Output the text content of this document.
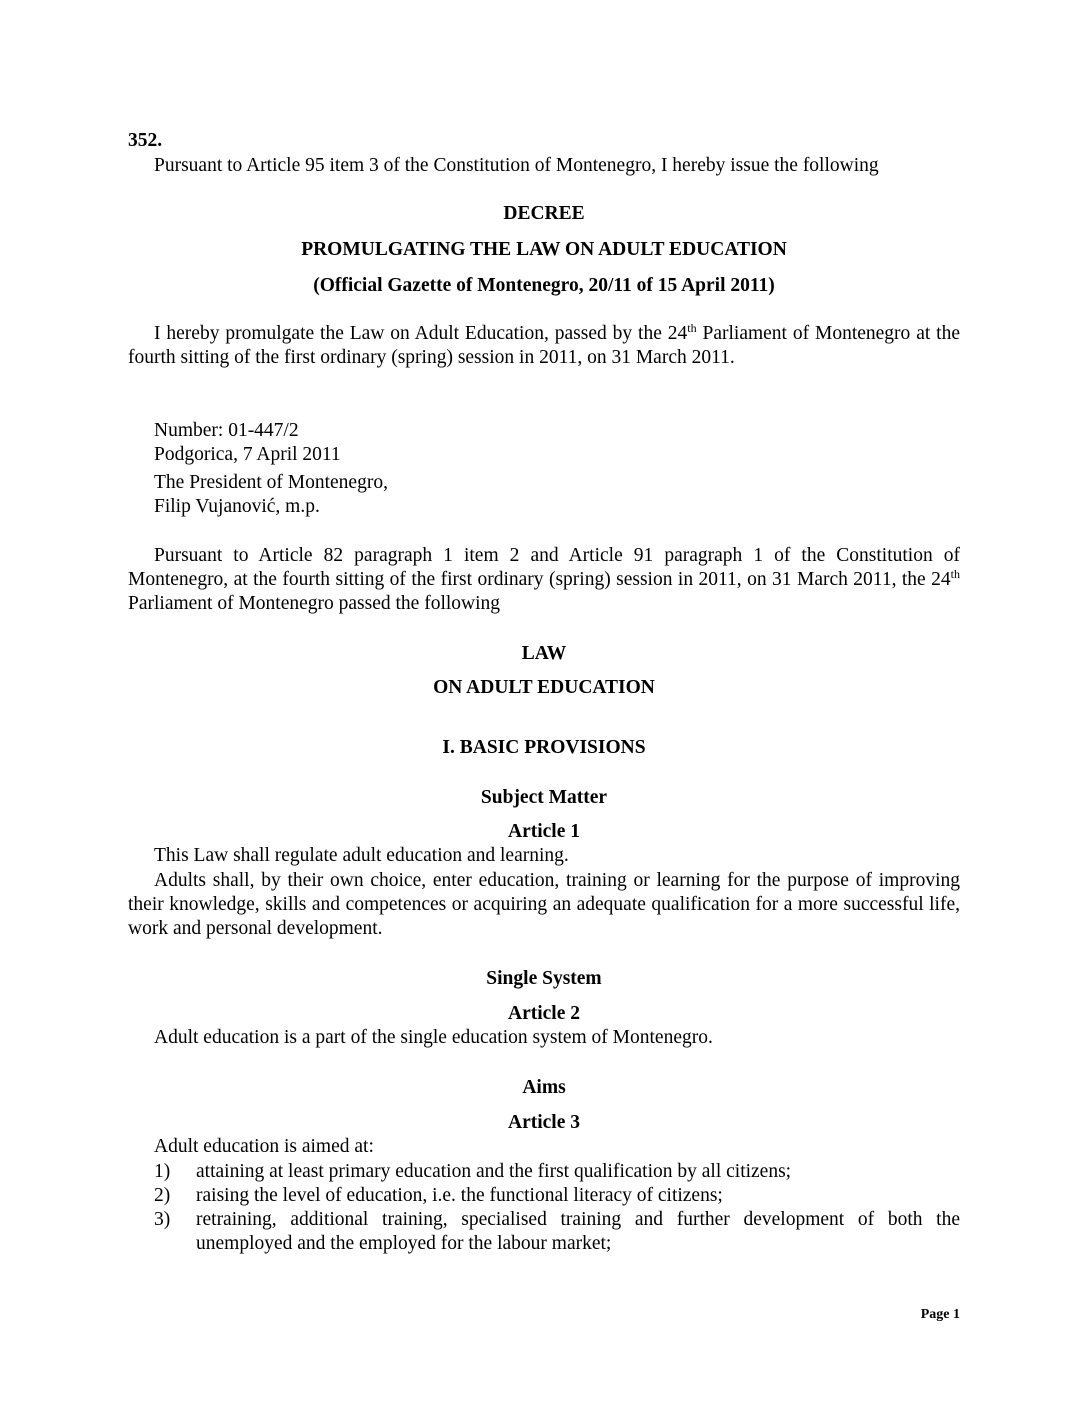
352.
Pursuant to Article 95 item 3 of the Constitution of Montenegro, I hereby issue the following
DECREE
PROMULGATING THE LAW ON ADULT EDUCATION
(Official Gazette of Montenegro, 20/11 of 15 April 2011)
I hereby promulgate the Law on Adult Education, passed by the 24th Parliament of Montenegro at the fourth sitting of the first ordinary (spring) session in 2011, on 31 March 2011.
Number: 01-447/2
Podgorica, 7 April 2011
The President of Montenegro,
Filip Vujanović, m.p.
Pursuant to Article 82 paragraph 1 item 2 and Article 91 paragraph 1 of the Constitution of Montenegro, at the fourth sitting of the first ordinary (spring) session in 2011, on 31 March 2011, the 24th Parliament of Montenegro passed the following
LAW
ON ADULT EDUCATION
I. BASIC PROVISIONS
Subject Matter
Article 1
This Law shall regulate adult education and learning.
Adults shall, by their own choice, enter education, training or learning for the purpose of improving their knowledge, skills and competences or acquiring an adequate qualification for a more successful life, work and personal development.
Single System
Article 2
Adult education is a part of the single education system of Montenegro.
Aims
Article 3
Adult education is aimed at:
1) attaining at least primary education and the first qualification by all citizens;
2) raising the level of education, i.e. the functional literacy of citizens;
3) retraining, additional training, specialised training and further development of both the unemployed and the employed for the labour market;
Page 1
